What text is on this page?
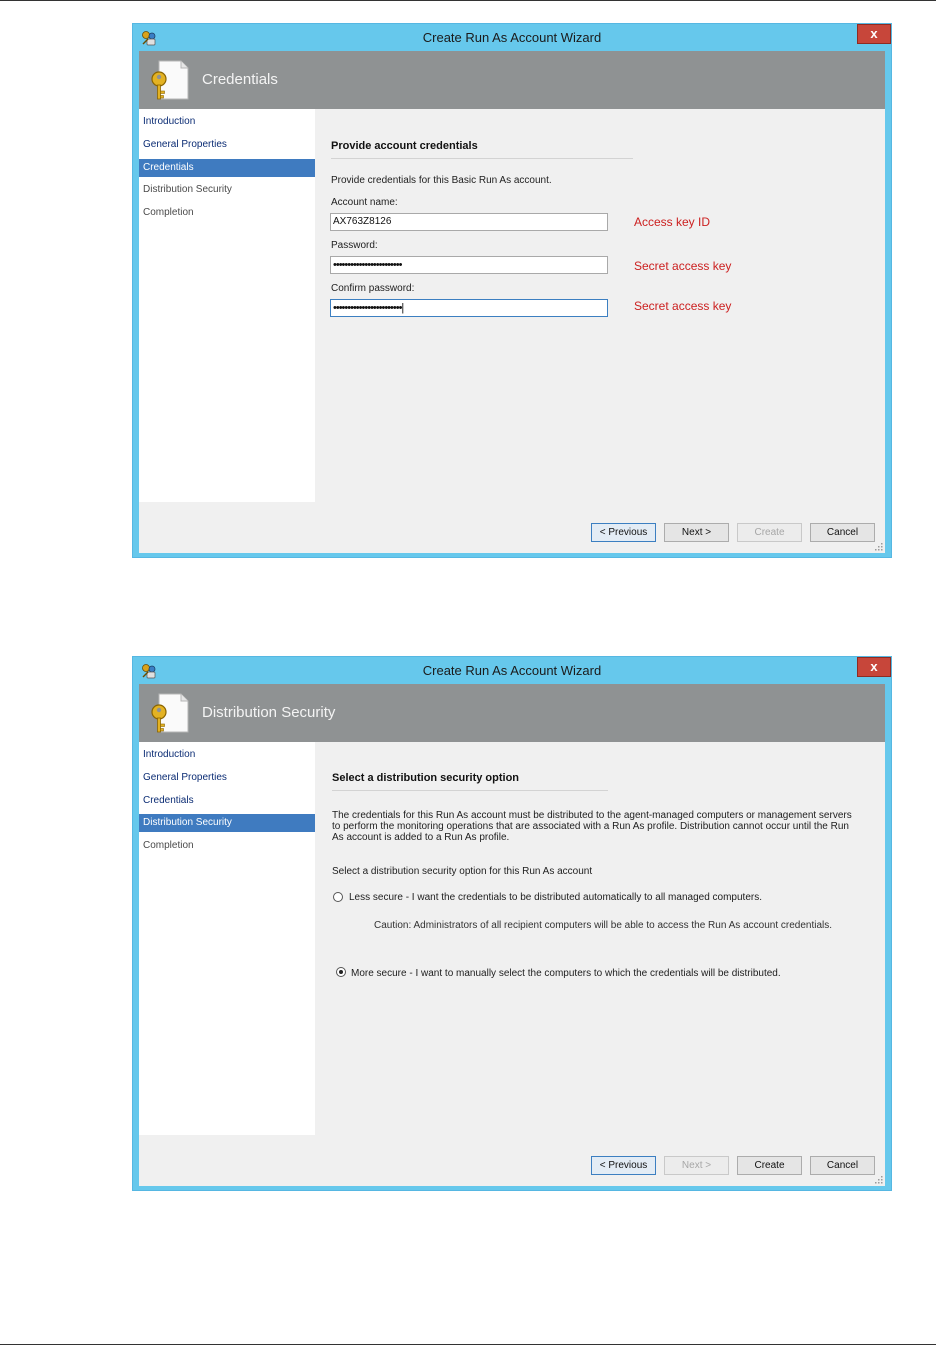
Create Run As Account Wizard	x
Credentials
Introduction
General Properties
Credentials
Distribution Security
Completion
Provide account credentials
Provide credentials for this Basic Run As account.
Account name:
AX763Z8126	Access key ID
Password:
••••••••••••••••••••••••	Secret access key
Confirm password:
••••••••••••••••••••••••|	Secret access key
< Previous	Next >	Create	Cancel
Create Run As Account Wizard	x
Distribution Security
Introduction
General Properties
Credentials
Distribution Security
Completion
Select a distribution security option
The credentials for this Run As account must be distributed to the agent-managed computers or management servers
to perform the monitoring operations that are associated with a Run As profile. Distribution cannot occur until the Run
As account is added to a Run As profile.
Select a distribution security option for this Run As account
Less secure - I want the credentials to be distributed automatically to all managed computers.
Caution: Administrators of all recipient computers will be able to access the Run As account credentials.
More secure - I want to manually select the computers to which the credentials will be distributed.
< Previous	Next >	Create	Cancel
